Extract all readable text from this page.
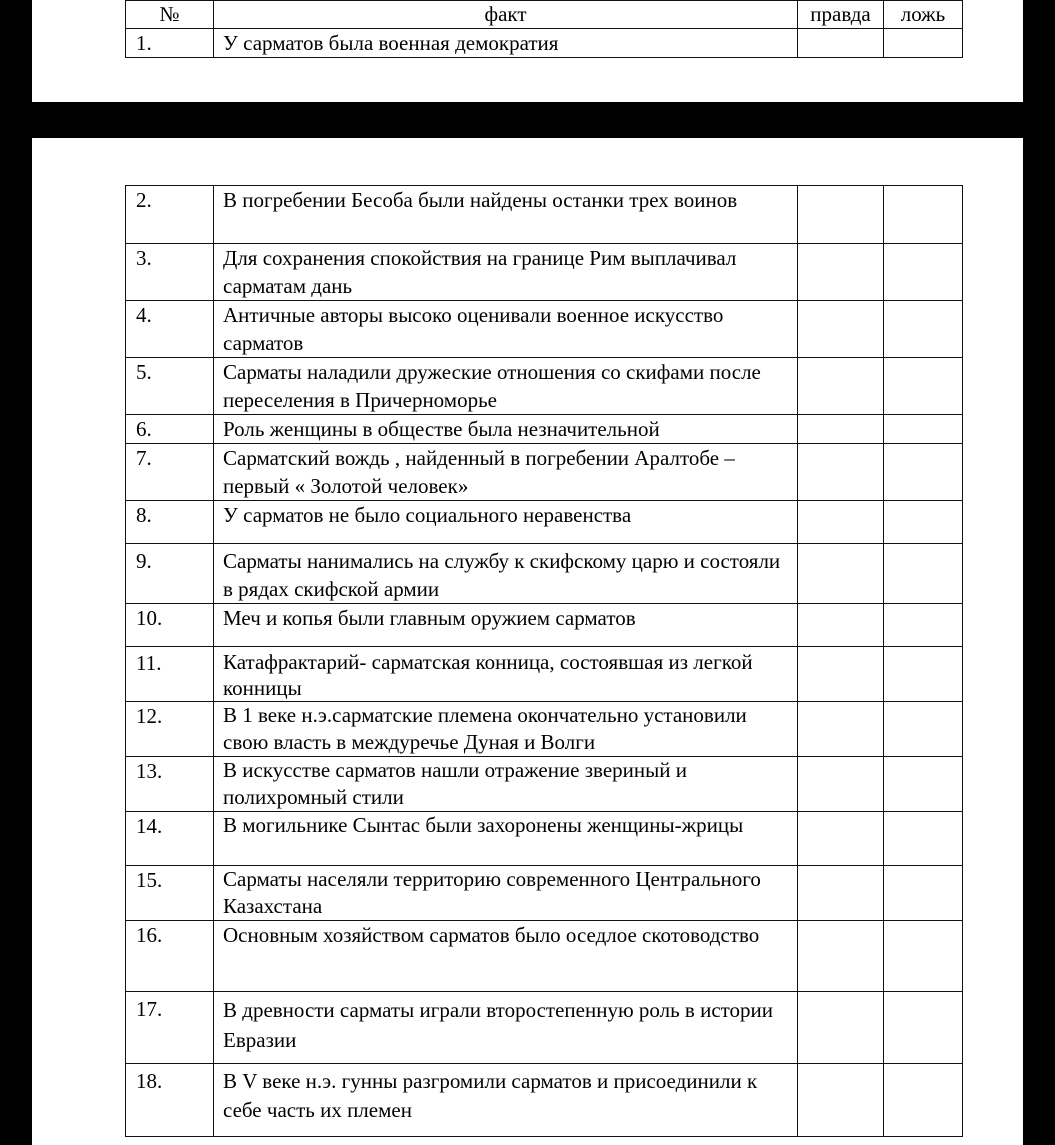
№	факт	правда	ложь
1.	У сарматов была военная демократия		
2.	В погребении Бесоба были найдены останки трех воинов		
3.	Для сохранения спокойствия на границе Рим выплачивал сарматам дань		
4.	Античные авторы высоко оценивали военное искусство сарматов		
5.	Сарматы наладили дружеские отношения со скифами после переселения в Причерноморье		
6.	Роль женщины в обществе была незначительной		
7.	Сарматский вождь , найденный в погребении Аралтобе –первый « Золотой человек»		
8.	У сарматов не было социального неравенства		
9.	Сарматы нанимались на службу к скифскому царю и состояли в рядах скифской армии		
10.	Меч и копья были главным оружием сарматов		
11.	Катафрактарий- сарматская конница, состоявшая из легкой конницы		
12.	В 1 веке н.э.сарматские племена окончательно установили свою власть в междуречье Дуная и Волги		
13.	В искусстве сарматов нашли отражение звериный и полихромный стили		
14.	В могильнике Сынтас были захоронены женщины-жрицы		
15.	Сарматы населяли территорию современного Центрального Казахстана		
16.	Основным хозяйством сарматов было оседлое скотоводство		
17.	В древности сарматы играли второстепенную роль в истории Евразии		
18.	В V веке н.э. гунны разгромили сарматов и присоединили к себе часть их племен		
